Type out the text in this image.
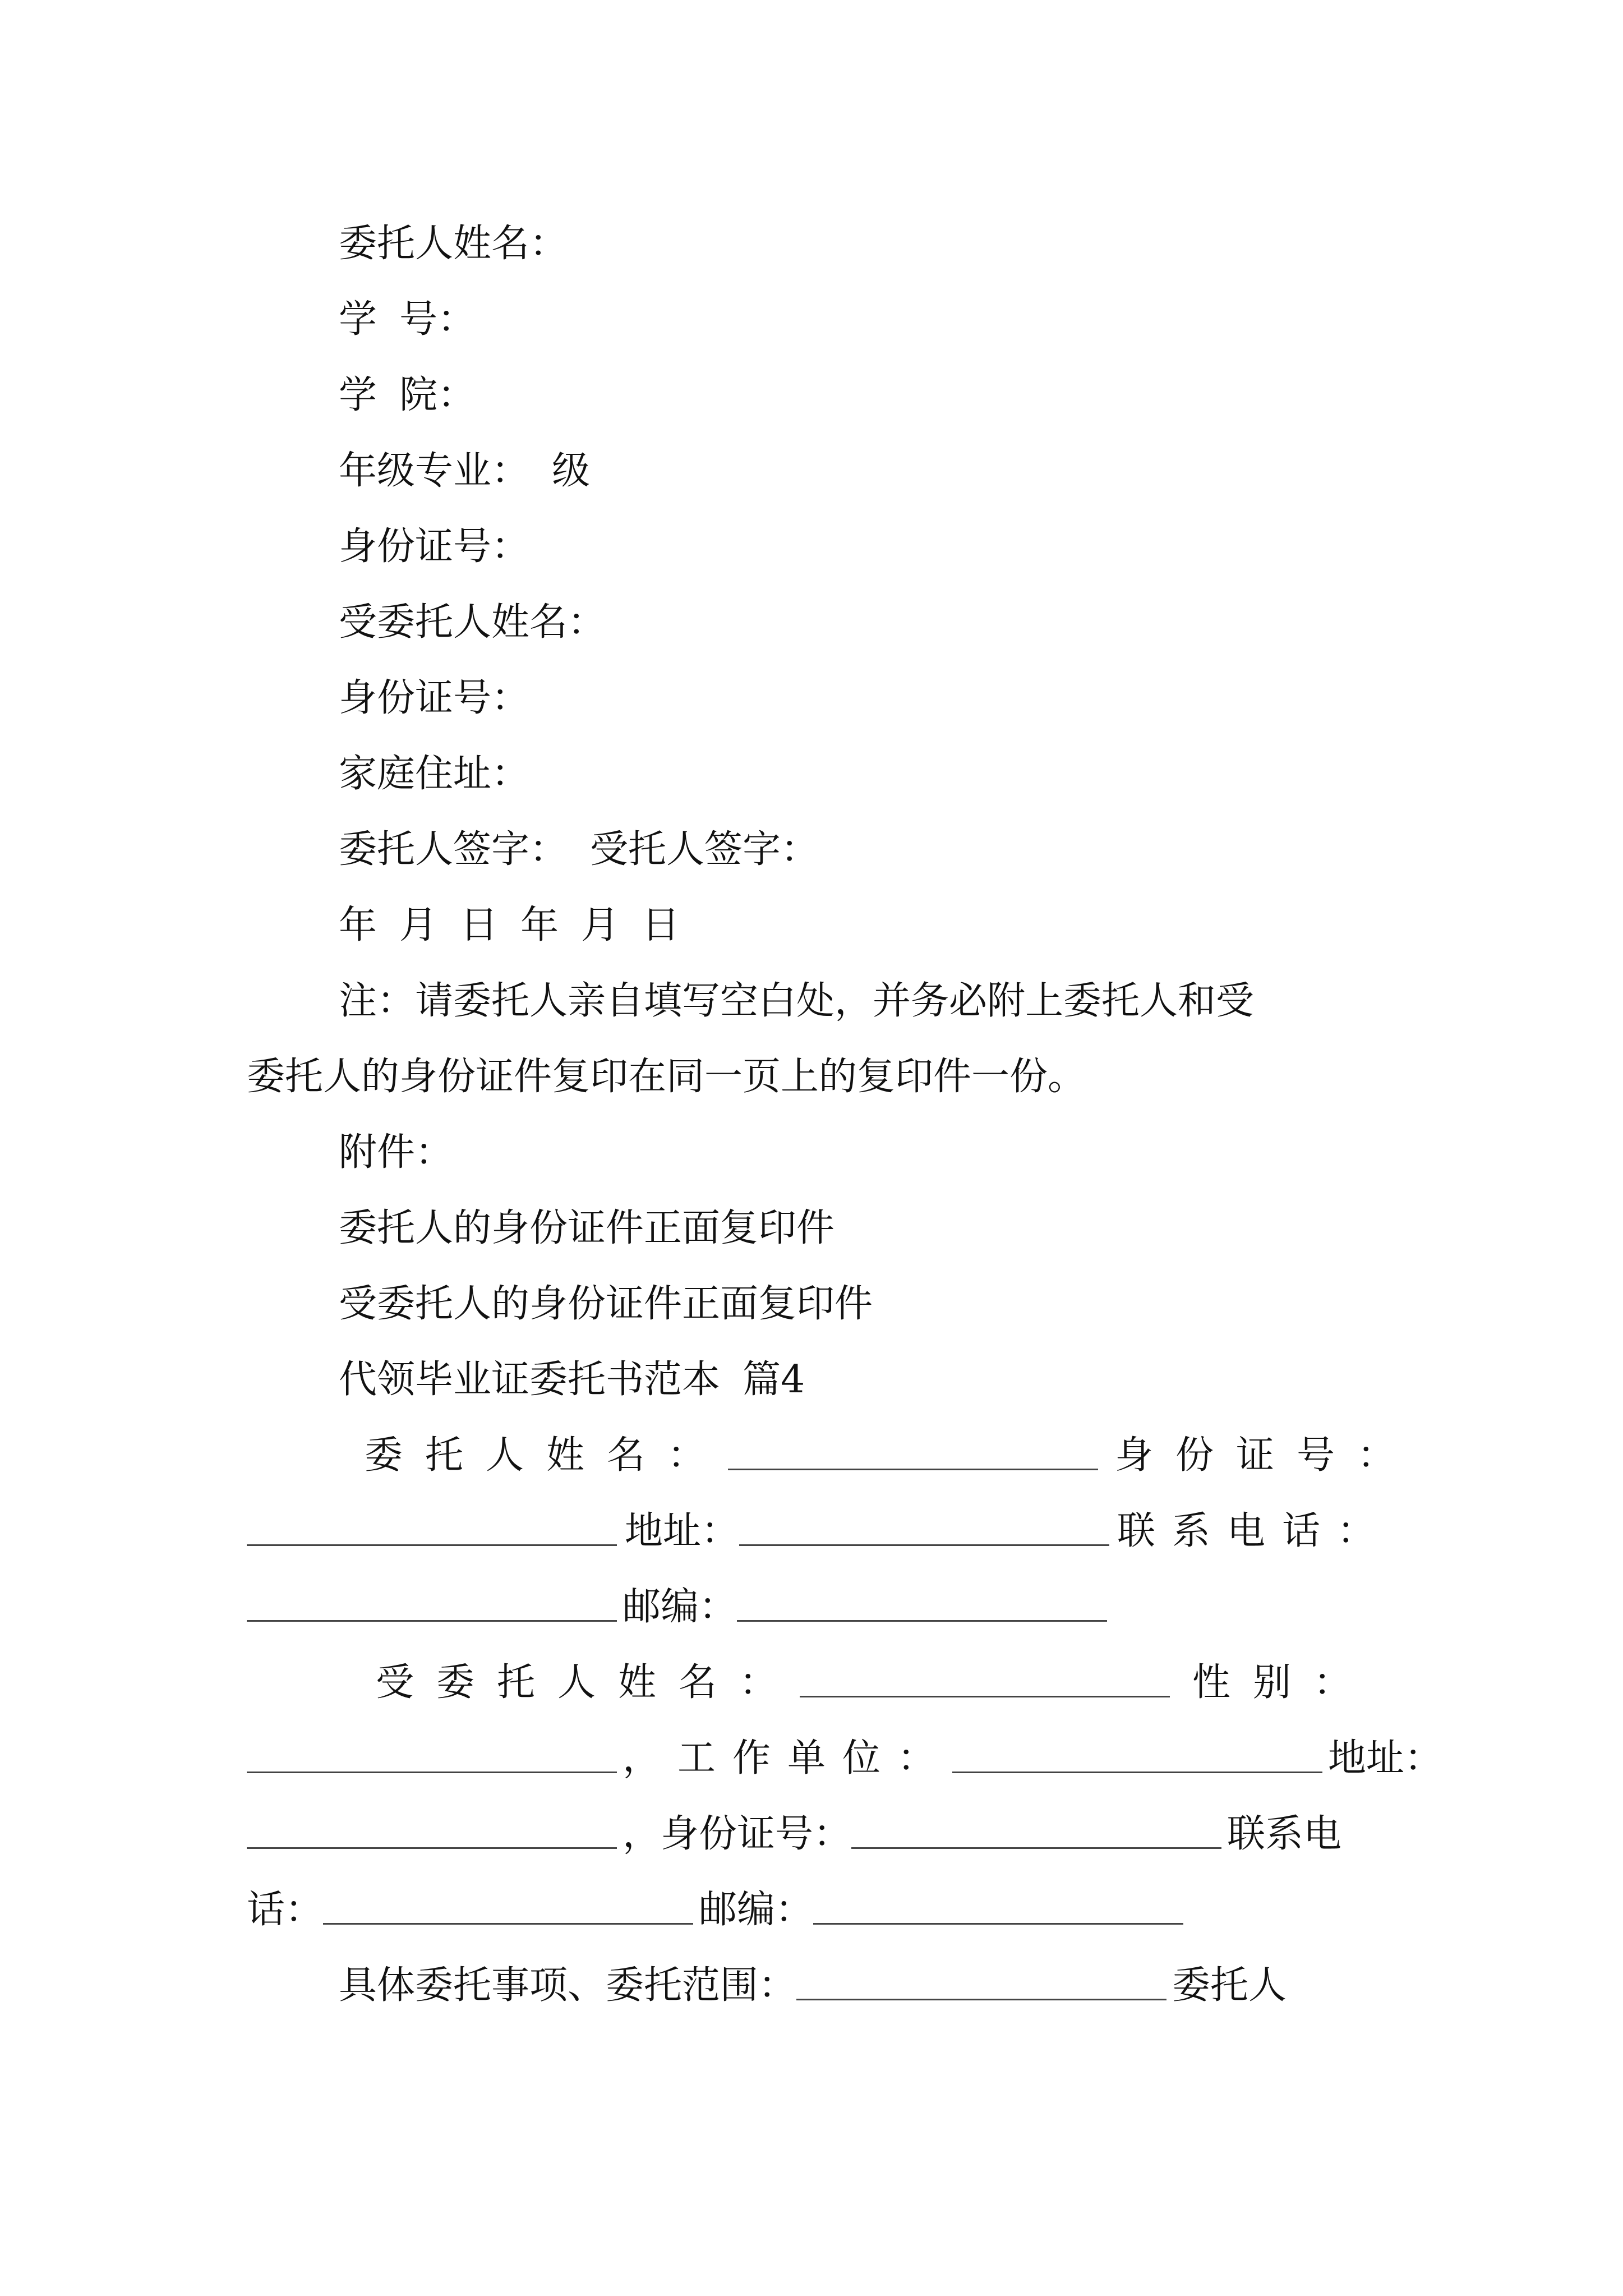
委托人姓名：
学 号：
学 院：
年级专业： 级
身份证号：
受委托人姓名：
身份证号：
家庭住址：
委托人签字： 受托人签字：
年 月 日 年 月 日
注：请委托人亲自填写空白处，并务必附上委托人和受
委托人的身份证件复印在同一页上的复印件一份。
附件：
委托人的身份证件正面复印件
受委托人的身份证件正面复印件
代领毕业证委托书范本 篇4
委托人姓名：	身份证号：
地址：	联系电话：
邮编：
受委托人姓名：	性别：
，工作单位：	地址：
，身份证号：	联系电
话：	邮编：
具体委托事项、委托范围：	委托人
